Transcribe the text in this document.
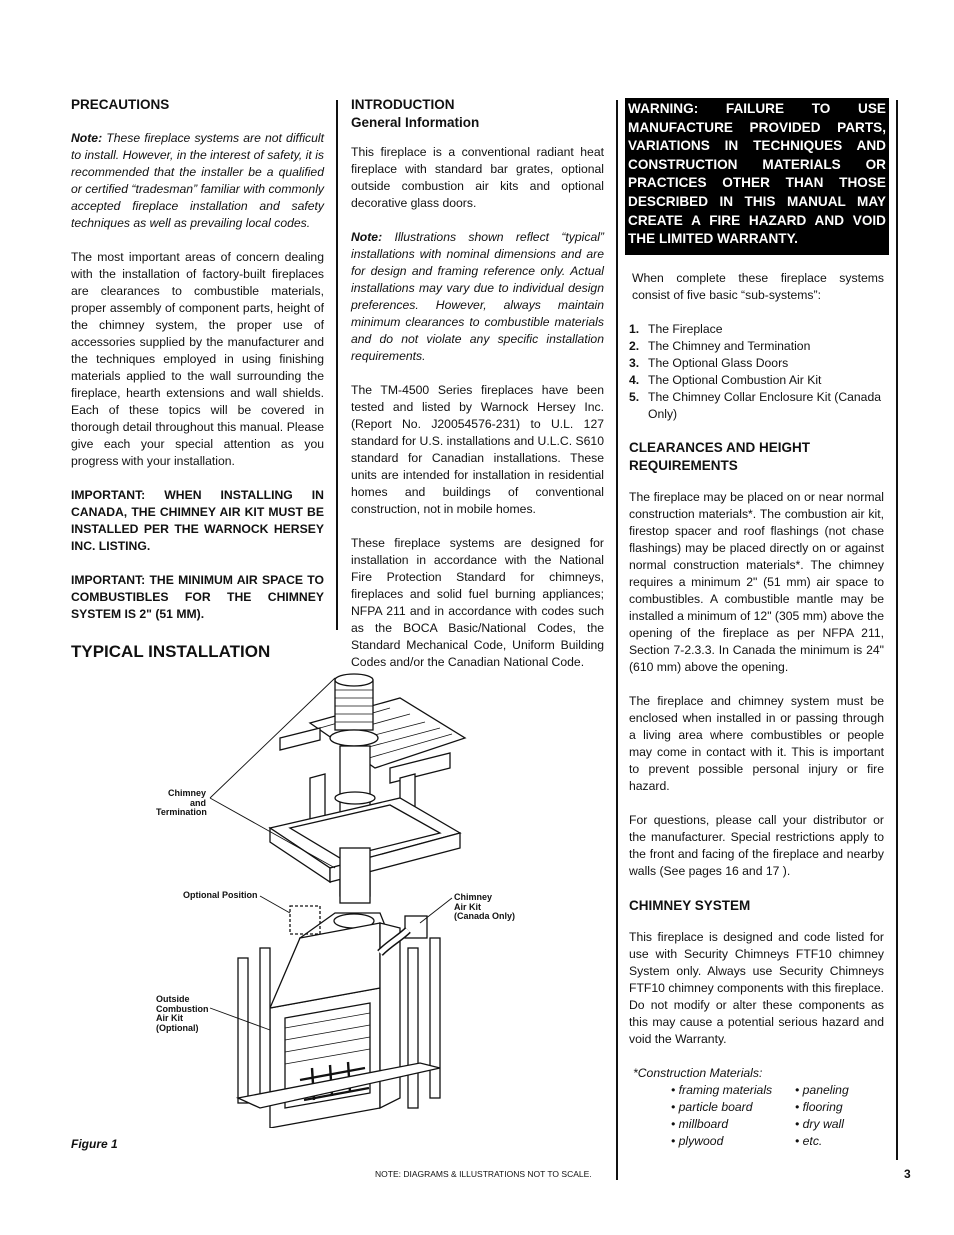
PRECAUTIONS

Note: These fireplace systems are not difficult to install. However, in the interest of safety, it is recommended that the installer be a qualified or certified “tradesman” familiar with commonly accepted fireplace installation and safety techniques as well as prevailing local codes.

The most important areas of concern dealing with the installation of factory-built fireplaces are clearances to combustible materials, proper assembly of component parts, height of the chimney system, the proper use of accessories supplied by the manufacturer and the techniques employed in using finishing materials applied to the wall surrounding the fireplace, hearth extensions and wall shields. Each of these topics will be covered in thorough detail throughout this manual. Please give each your special attention as you progress with your installation.

IMPORTANT: WHEN INSTALLING IN CANADA, THE CHIMNEY AIR KIT MUST BE INSTALLED PER THE WARNOCK HERSEY INC. LISTING.

IMPORTANT: THE MINIMUM AIR SPACE TO COMBUSTIBLES FOR THE CHIMNEY SYSTEM IS 2" (51 MM).

INTRODUCTION
General Information

This fireplace is a conventional radiant heat fireplace with standard bar grates, optional outside combustion air kits and optional decorative glass doors.

Note: Illustrations shown reflect “typical” installations with nominal dimensions and are for design and framing reference only. Actual installations may vary due to individual design preferences. However, always maintain minimum clearances to combustible materials and do not violate any specific installation requirements.

The TM-4500 Series fireplaces have been tested and listed by Warnock Hersey Inc. (Report No. J20054576-231) to U.L. 127 standard for U.S. installations and U.L.C. S610 standard for Canadian installations. These units are intended for installation in residential homes and buildings of conventional construction, not in mobile homes.

These fireplace systems are designed for installation in accordance with the National Fire Protection Standard for chimneys, fireplaces and solid fuel burning appliances; NFPA 211 and in accordance with codes such as the BOCA Basic/National Codes, the Standard Mechanical Code, Uniform Building Codes and/or the Canadian National Code.

WARNING: FAILURE TO USE MANUFACTURE PROVIDED PARTS, VARIATIONS IN TECHNIQUES AND CONSTRUCTION MATERIALS OR PRACTICES OTHER THAN THOSE DESCRIBED IN THIS MANUAL MAY CREATE A FIRE HAZARD AND VOID THE LIMITED WARRANTY.

When complete these fireplace systems consist of five basic “sub-systems”:

1. The Fireplace
2. The Chimney and Termination
3. The Optional Glass Doors
4. The Optional Combustion Air Kit
5. The Chimney Collar Enclosure Kit (Canada Only)
CLEARANCES AND HEIGHT REQUIREMENTS

The fireplace may be placed on or near normal construction materials*. The combustion air kit, firestop spacer and roof flashings (not chase flashings) may be placed directly on or against normal construction materials*. The chimney requires a minimum 2" (51 mm) air space to combustibles. A combustible mantle may be installed a minimum of 12" (305 mm) above the opening of the fireplace as per NFPA 211, Section 7-2.3.3. In Canada the minimum is 24" (610 mm) above the opening.

The fireplace and chimney system must be enclosed when installed in or passing through a living area where combustibles or people may come in contact with it. This is important to prevent possible personal injury or fire hazard.

For questions, please call your distributor or the manufacturer. Special restrictions apply to the front and facing of the fireplace and nearby walls (See pages 16 and 17 ).

CHIMNEY SYSTEM

This fireplace is designed and code listed for use with Security Chimneys FTF10 chimney System only. Always use Security Chimneys FTF10 chimney components with this fireplace. Do not modify or alter these components as this may cause a potential serious hazard and void the Warranty.

*Construction Materials:
• framing materials	• paneling
• particle board	• flooring
• millboard	• dry wall
• plywood	• etc.
TYPICAL INSTALLATION
Chimney
and
Termination
Optional Position	Chimney
Air Kit
(Canada Only)
Outside
Combustion
Air Kit
(Optional)
Figure 1
NOTE: DIAGRAMS & ILLUSTRATIONS NOT TO SCALE.	3
